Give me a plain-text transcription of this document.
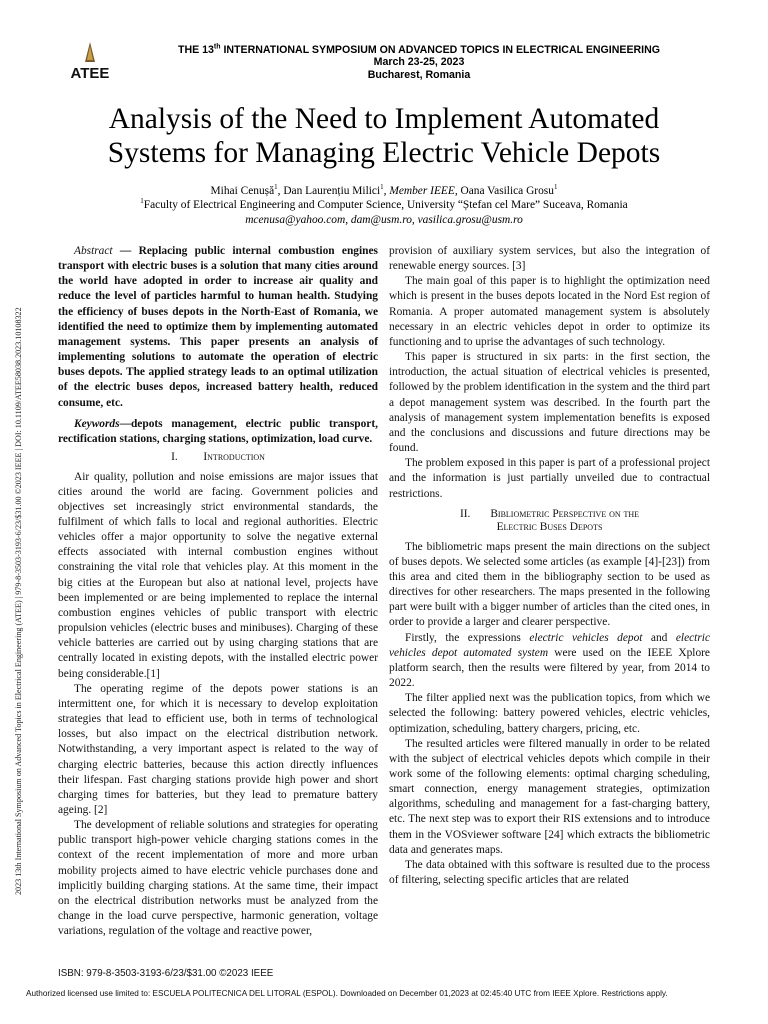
ATEE
THE 13th INTERNATIONAL SYMPOSIUM ON ADVANCED TOPICS IN ELECTRICAL ENGINEERING
March 23-25, 2023
Bucharest, Romania
2023 13th International Symposium on Advanced Topics in Electrical Engineering (ATEE) | 979-8-3503-3193-6/23/$31.00 ©2023 IEEE | DOI: 10.1109/ATEE58038.2023.10108322
Analysis of the Need to Implement Automated
Systems for Managing Electric Vehicle Depots
Mihai Cenușă$^1$, Dan Laurențiu Milici$^1$, Member IEEE, Oana Vasilica Grosu$^1$
$^1$Faculty of Electrical Engineering and Computer Science, University “Ștefan cel Mare” Suceava, Romania
mcenusa@yahoo.com, dam@usm.ro, vasilica.grosu@usm.ro

Abstract — Replacing public internal combustion engines transport with electric buses is a solution that many cities around the world have adopted in order to increase air quality and reduce the level of particles harmful to human health. Studying the efficiency of buses depots in the North-East of Romania, we identified the need to optimize them by implementing automated management systems. This paper presents an analysis of implementing solutions to automate the operation of electric buses depots. The applied strategy leads to an optimal utilization of the electric buses depos, increased battery health, reduced consume, etc.

Keywords—depots management, electric public transport, rectification stations, charging stations, optimization, load curve.

I. Introduction

Air quality, pollution and noise emissions are major issues that cities around the world are facing. Government policies and objectives set increasingly strict environmental standards, the fulfilment of which falls to local and regional authorities. Electric vehicles offer a major opportunity to solve the negative external effects associated with internal combustion engines without constraining the vital role that vehicles play. At this moment in the big cities at the European but also at national level, projects have been implemented or are being implemented to replace the internal combustion engines vehicles of public transport with electric propulsion vehicles (electric buses and minibuses). Charging of these vehicle batteries are carried out by using charging stations that are centrally located in existing depots, with the installed electric power being considerable.[1]

The operating regime of the depots power stations is an intermittent one, for which it is necessary to develop exploitation strategies that lead to efficient use, both in terms of technological losses, but also impact on the electrical distribution network. Notwithstanding, a very important aspect is related to the way of charging electric batteries, because this action directly influences their lifespan. Fast charging stations provide high power and short charging times for batteries, but they lead to premature battery ageing. [2]

The development of reliable solutions and strategies for operating public transport high-power vehicle charging stations comes in the context of the recent implementation of more and more urban mobility projects aimed to have electric vehicle purchases done and implicitly building charging stations. At the same time, their impact on the electrical distribution networks must be analyzed from the change in the load curve perspective, harmonic generation, voltage variations, regulation of the voltage and reactive power,

provision of auxiliary system services, but also the integration of renewable energy sources. [3]

The main goal of this paper is to highlight the optimization need which is present in the buses depots located in the Nord Est region of Romania. A proper automated management system is absolutely necessary in an electric vehicles depot in order to optimize its functioning and to uprise the advantages of such technology.

This paper is structured in six parts: in the first section, the introduction, the actual situation of electrical vehicles is presented, followed by the problem identification in the system and the third part a depot management system was described. In the fourth part the analysis of management system implementation benefits is exposed and the conclusions and discussions and future directions may be found.

The problem exposed in this paper is part of a professional project and the information is just partially unveiled due to contractual restrictions.

II. Bibliometric Perspective on the
Electric Buses Depots

The bibliometric maps present the main directions on the subject of buses depots. We selected some articles (as example [4]-[23]) from this area and cited them in the bibliography section to be used as directives for other researchers. The maps presented in the following part were built with a bigger number of articles than the cited ones, in order to provide a larger and clearer perspective.

Firstly, the expressions electric vehicles depot and electric vehicles depot automated system were used on the IEEE Xplore platform search, then the results were filtered by year, from 2014 to 2022.

The filter applied next was the publication topics, from which we selected the following: battery powered vehicles, electric vehicles, optimization, scheduling, battery chargers, pricing, etc.

The resulted articles were filtered manually in order to be related with the subject of electrical vehicles depots which compile in their work some of the following elements: optimal charging scheduling, smart connection, energy management strategies, optimization algorithms, scheduling and management for a fast-charging battery, etc. The next step was to export their RIS extensions and to introduce them in the VOSviewer software [24] which extracts the bibliometric data and generates maps.

The data obtained with this software is resulted due to the process of filtering, selecting specific articles that are related

ISBN: 979-8-3503-3193-6/23/$31.00 ©2023 IEEE
Authorized licensed use limited to: ESCUELA POLITECNICA DEL LITORAL (ESPOL). Downloaded on December 01,2023 at 02:45:40 UTC from IEEE Xplore. Restrictions apply.
